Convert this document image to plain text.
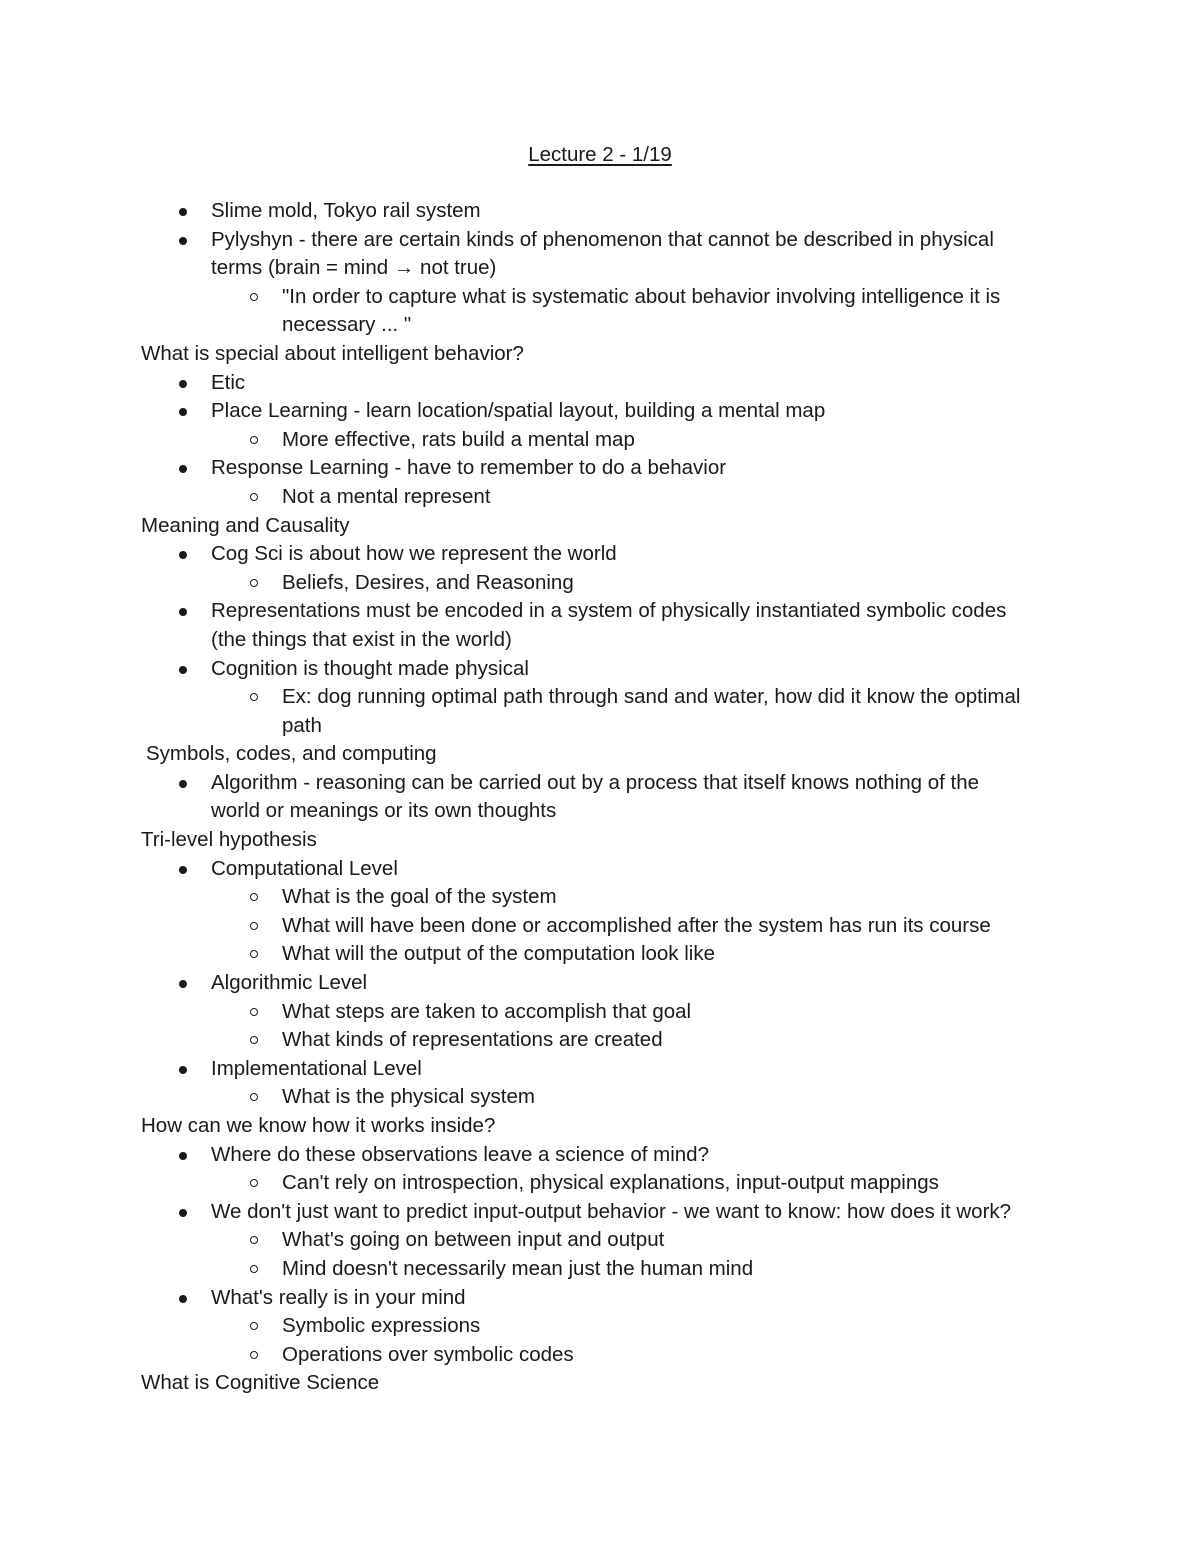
Lecture 2 - 1/19
Slime mold, Tokyo rail system
Pylyshyn - there are certain kinds of phenomenon that cannot be described in physical
terms (brain = mind → not true)
"In order to capture what is systematic about behavior involving intelligence it is
necessary ... "
What is special about intelligent behavior?
Etic
Place Learning - learn location/spatial layout, building a mental map
More effective, rats build a mental map
Response Learning - have to remember to do a behavior
Not a mental represent
Meaning and Causality
Cog Sci is about how we represent the world
Beliefs, Desires, and Reasoning
Representations must be encoded in a system of physically instantiated symbolic codes
(the things that exist in the world)
Cognition is thought made physical
Ex: dog running optimal path through sand and water, how did it know the optimal
path
Symbols, codes, and computing
Algorithm - reasoning can be carried out by a process that itself knows nothing of the
world or meanings or its own thoughts
Tri-level hypothesis
Computational Level
What is the goal of the system
What will have been done or accomplished after the system has run its course
What will the output of the computation look like
Algorithmic Level
What steps are taken to accomplish that goal
What kinds of representations are created
Implementational Level
What is the physical system
How can we know how it works inside?
Where do these observations leave a science of mind?
Can't rely on introspection, physical explanations, input-output mappings
We don't just want to predict input-output behavior - we want to know: how does it work?
What's going on between input and output
Mind doesn't necessarily mean just the human mind
What's really is in your mind
Symbolic expressions
Operations over symbolic codes
What is Cognitive Science
